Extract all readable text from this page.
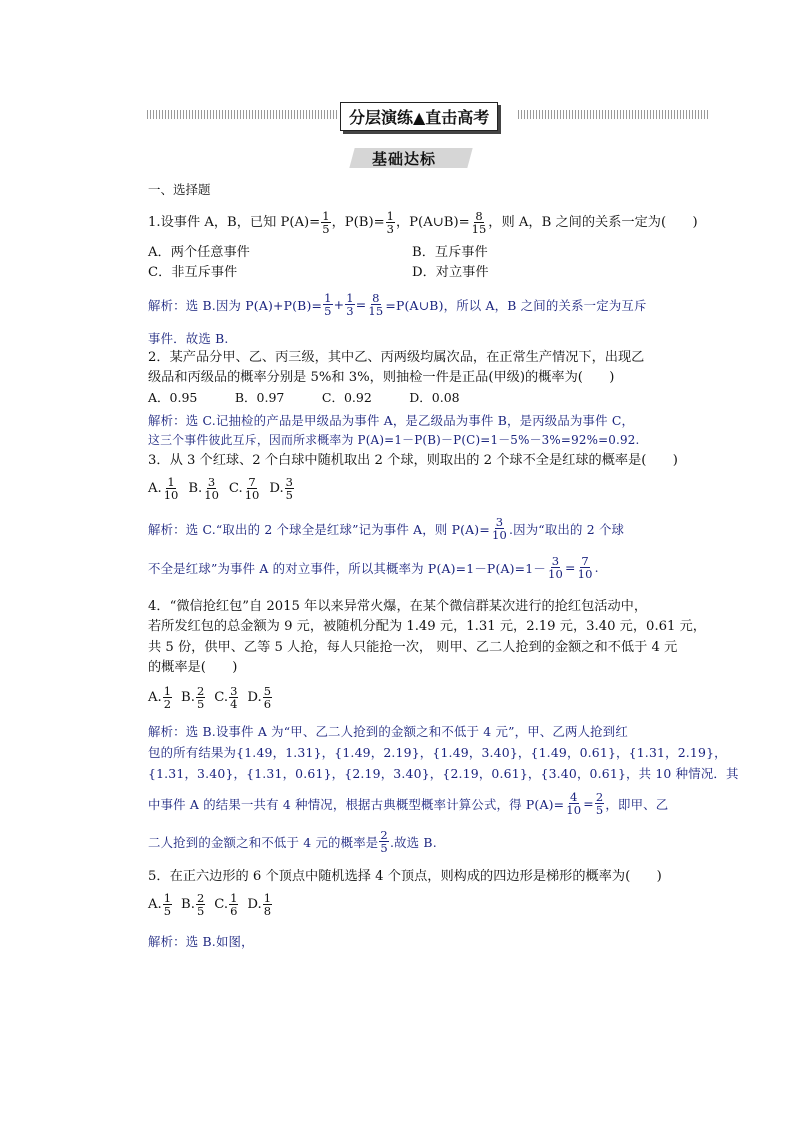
分层演练▲直击高考
基础达标
一、选择题
1.设事件 A，B，已知 $P(A)= \frac{1}{5}$ ，$P(B)= \frac{1}{3}$ ，P(A∪B)= $\frac{8}{15}$ ，则 A，B 之间的关系一定为(　　)
A．两个任意事件	B．互斥事件
C．非互斥事件	D．对立事件
解析：选 B.因为 $P(A)+P(B)= \frac{1}{5} + \frac{1}{3} = \frac{8}{15}$ =P(A∪B)，所以 A，B 之间的关系一定为互斥
事件．故选 B.
2．某产品分甲、乙、丙三级，其中乙、丙两级均属次品，在正常生产情况下，出现乙
级品和丙级品的概率分别是 5%和 3%，则抽检一件是正品(甲级)的概率为(　　)
A．0.95　　　B．0.97　　　C．0.92　　　D．0.08
解析：选 C.记抽检的产品是甲级品为事件 A，是乙级品为事件 B，是丙级品为事件 C，
这三个事件彼此互斥，因而所求概率为 P(A)=1－P(B)－P(C)=1－5%－3%=92%=0.92.
3．从 3 个红球、2 个白球中随机取出 2 个球，则取出的 2 个球不全是红球的概率是(　　)
A. $\frac{1}{10} B$. $\frac{3}{10} C$. $\frac{7}{10} D$. $\frac{3}{5}$
解析：选 C.“取出的 2 个球全是红球”记为事件 A，则 $P(A)= \frac{3}{10}$ .因为“取出的 2 个球
不全是红球”为事件 A 的对立事件，所以其概率为 $P(A)=1-P(A)=1- \frac{3}{10} = \frac{7}{10}$ .
4．“微信抢红包”自 2015 年以来异常火爆，在某个微信群某次进行的抢红包活动中，
若所发红包的总金额为 9 元，被随机分配为 1.49 元，1.31 元，2.19 元，3.40 元，0.61 元，
共 5 份，供甲、乙等 5 人抢，每人只能抢一次， 则甲、乙二人抢到的金额之和不低于 4 元
的概率是(　　)
A. $\frac{1}{2} B$. $\frac{2}{5} C$. $\frac{3}{4} D$. $\frac{5}{6}$
解析：选 B.设事件 A 为“甲、乙二人抢到的金额之和不低于 4 元”，甲、乙两人抢到红
包的所有结果为{1.49，1.31}，{1.49，2.19}，{1.49，3.40}，{1.49，0.61}，{1.31，2.19}，
{1.31，3.40}，{1.31，0.61}，{2.19，3.40}，{2.19，0.61}，{3.40，0.61}，共 10 种情况．其
中事件 A 的结果一共有 4 种情况，根据古典概型概率计算公式，得 $P(A)= \frac{4}{10} = \frac{2}{5}$ ，即甲、乙
二人抢到的金额之和不低于 4 元的概率是 $\frac{2}{5}$ .故选 B.
5．在正六边形的 6 个顶点中随机选择 4 个顶点，则构成的四边形是梯形的概率为(　　)
A. $\frac{1}{5} B$. $\frac{2}{5} C$. $\frac{1}{6} D$. $\frac{1}{8}$
解析：选 B.如图，
